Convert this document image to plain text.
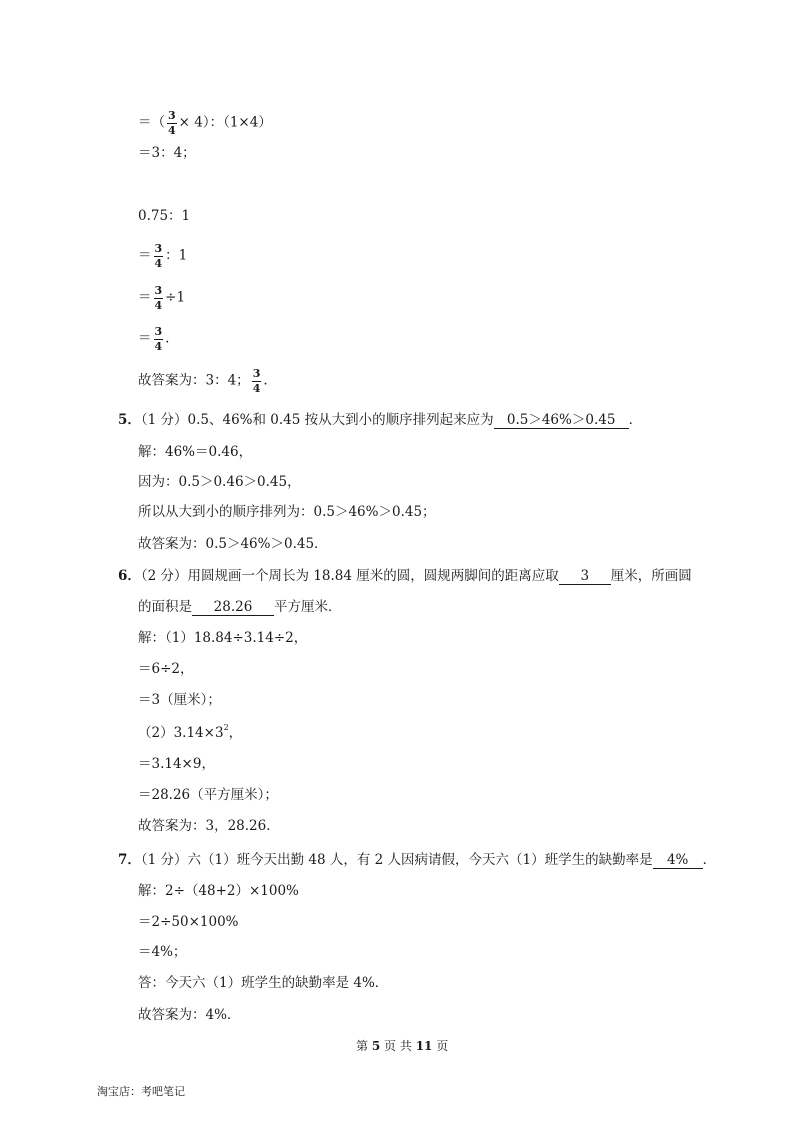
＝（ $\frac{3}{4} \times 4$）：（1×4）
＝3：4；
0.75：1
＝ $\frac{3}{4}$ ：1
＝ $\frac{3}{4} \div 1$
＝ $\frac{3}{4}$ .
故答案为：3：4； $\frac{3}{4}$ .
5．（1 分）0.5、46%和 0.45 按从大到小的顺序排列起来应为 0.5＞46%＞0.45 ．
解：46%＝0.46，
因为：0.5＞0.46＞0.45，
所以从大到小的顺序排列为：0.5＞46%＞0.45；
故答案为：0.5＞46%＞0.45．
6．（2 分）用圆规画一个周长为 18.84 厘米的圆，圆规两脚间的距离应取 3 厘米，所画圆
的面积是 28.26 平方厘米．
解：（1）18.84÷3.14÷2，
＝6÷2，
＝3（厘米）；
$(2)3.14\times 3^2$，
＝3.14×9，
＝28.26（平方厘米）；
故答案为：3，28.26．
7．（1 分）六（1）班今天出勤 48 人，有 2 人因病请假，今天六（1）班学生的缺勤率是 4% ．
解：2÷（48+2）×100%
＝2÷50×100%
＝4%；
答：今天六（1）班学生的缺勤率是 4%．
故答案为：4%．
第 5 页 共 11 页
淘宝店：考吧笔记
